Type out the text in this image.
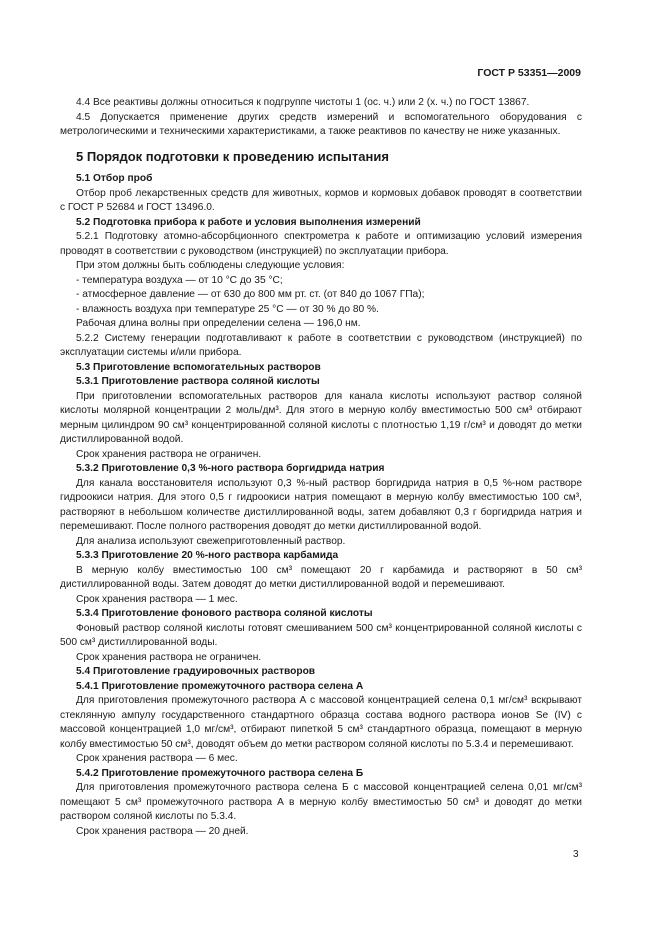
ГОСТ Р 53351—2009
4.4 Все реактивы должны относиться к подгруппе чистоты 1 (ос. ч.) или 2 (х. ч.) по ГОСТ 13867.
4.5 Допускается применение других средств измерений и вспомогательного оборудования с метрологическими и техническими характеристиками, а также реактивов по качеству не ниже указанных.
5 Порядок подготовки к проведению испытания
5.1 Отбор проб
Отбор проб лекарственных средств для животных, кормов и кормовых добавок проводят в соответствии с ГОСТ Р 52684 и ГОСТ 13496.0.
5.2 Подготовка прибора к работе и условия выполнения измерений
5.2.1 Подготовку атомно-абсорбционного спектрометра к работе и оптимизацию условий измерения проводят в соответствии с руководством (инструкцией) по эксплуатации прибора.
При этом должны быть соблюдены следующие условия:
- температура воздуха — от 10 °С до 35 °С;
- атмосферное давление — от 630 до 800 мм рт. ст. (от 840 до 1067 ГПа);
- влажность воздуха при температуре 25 °С — от 30 % до 80 %.
Рабочая длина волны при определении селена — 196,0 нм.
5.2.2 Систему генерации подготавливают к работе в соответствии с руководством (инструкцией) по эксплуатации системы и/или прибора.
5.3 Приготовление вспомогательных растворов
5.3.1 Приготовление раствора соляной кислоты
При приготовлении вспомогательных растворов для канала кислоты используют раствор соляной кислоты молярной концентрации 2 моль/дм³. Для этого в мерную колбу вместимостью 500 см³ отбирают мерным цилиндром 90 см³ концентрированной соляной кислоты с плотностью 1,19 г/см³ и доводят до метки дистиллированной водой.
Срок хранения раствора не ограничен.
5.3.2 Приготовление 0,3 %-ного раствора боргидрида натрия
Для канала восстановителя используют 0,3 %-ный раствор боргидрида натрия в 0,5 %-ном растворе гидроокиси натрия. Для этого 0,5 г гидроокиси натрия помещают в мерную колбу вместимостью 100 см³, растворяют в небольшом количестве дистиллированной воды, затем добавляют 0,3 г боргидрида натрия и перемешивают. После полного растворения доводят до метки дистиллированной водой.
Для анализа используют свежеприготовленный раствор.
5.3.3 Приготовление 20 %-ного раствора карбамида
В мерную колбу вместимостью 100 см³ помещают 20 г карбамида и растворяют в 50 см³ дистиллированной воды. Затем доводят до метки дистиллированной водой и перемешивают.
Срок хранения раствора — 1 мес.
5.3.4 Приготовление фонового раствора соляной кислоты
Фоновый раствор соляной кислоты готовят смешиванием 500 см³ концентрированной соляной кислоты с 500 см³ дистиллированной воды.
Срок хранения раствора не ограничен.
5.4 Приготовление градуировочных растворов
5.4.1 Приготовление промежуточного раствора селена А
Для приготовления промежуточного раствора А с массовой концентрацией селена 0,1 мг/см³ вскрывают стеклянную ампулу государственного стандартного образца состава водного раствора ионов Se (IV) с массовой концентрацией 1,0 мг/см³, отбирают пипеткой 5 см³ стандартного образца, помещают в мерную колбу вместимостью 50 см³, доводят объем до метки раствором соляной кислоты по 5.3.4 и перемешивают.
Срок хранения раствора — 6 мес.
5.4.2 Приготовление промежуточного раствора селена Б
Для приготовления промежуточного раствора селена Б с массовой концентрацией селена 0,01 мг/см³ помещают 5 см³ промежуточного раствора А в мерную колбу вместимостью 50 см³ и доводят до метки раствором соляной кислоты по 5.3.4.
Срок хранения раствора — 20 дней.
3
